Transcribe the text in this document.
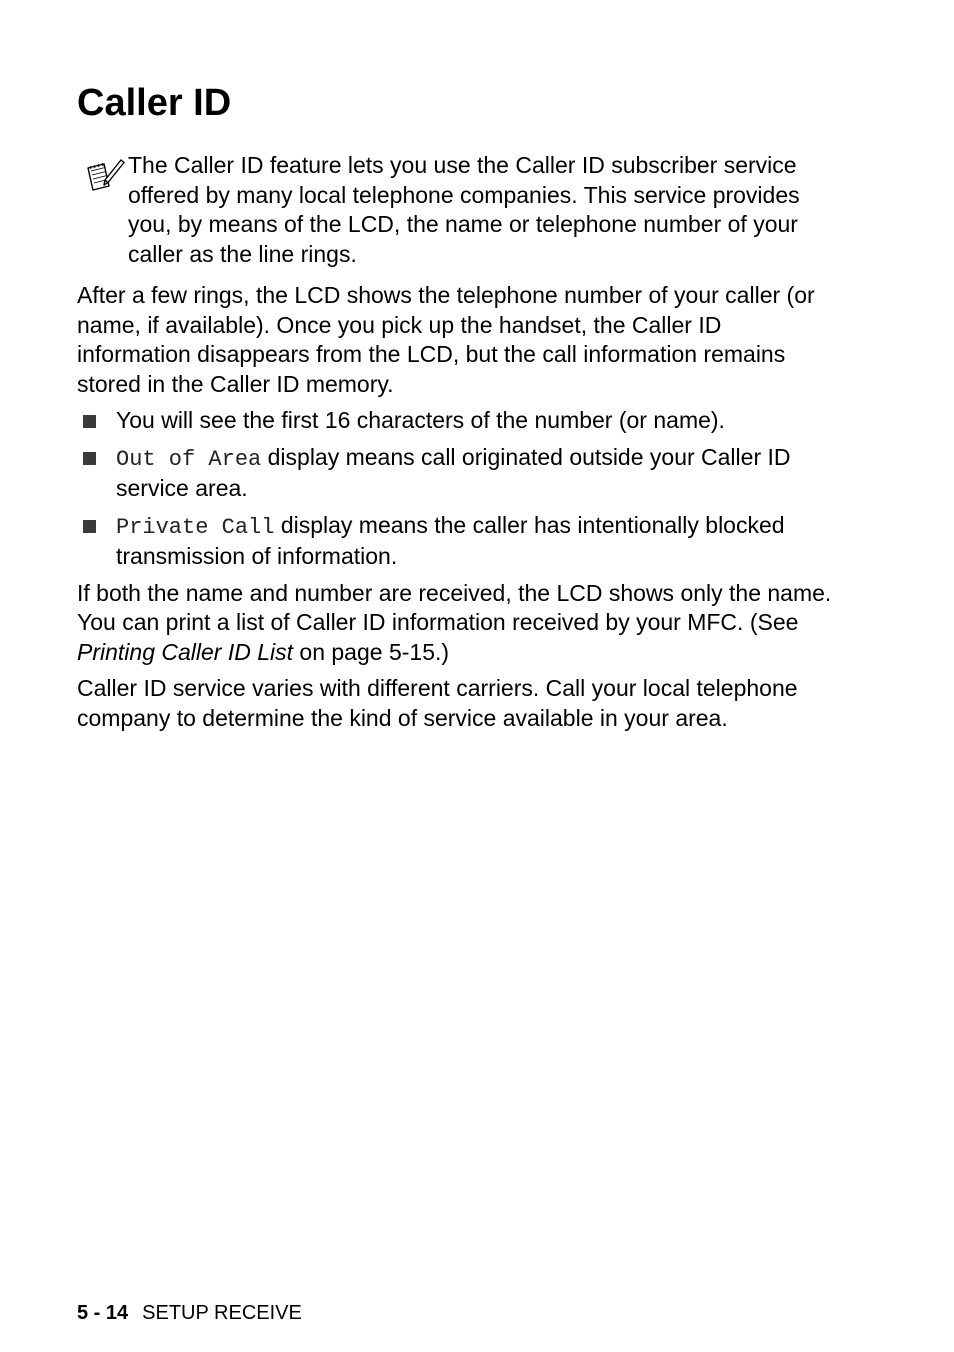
Caller ID

The Caller ID feature lets you use the Caller ID subscriber service offered by many local telephone companies. This service provides you, by means of the LCD, the name or telephone number of your caller as the line rings.

After a few rings, the LCD shows the telephone number of your caller (or name, if available). Once you pick up the handset, the Caller ID information disappears from the LCD, but the call information remains stored in the Caller ID memory.

You will see the first 16 characters of the number (or name).
Out of Area display means call originated outside your Caller ID service area.
Private Call display means the caller has intentionally blocked transmission of information.

If both the name and number are received, the LCD shows only the name. You can print a list of Caller ID information received by your MFC. (See Printing Caller ID List on page 5-15.)

Caller ID service varies with different carriers. Call your local telephone company to determine the kind of service available in your area.

5 - 14 SETUP RECEIVE
